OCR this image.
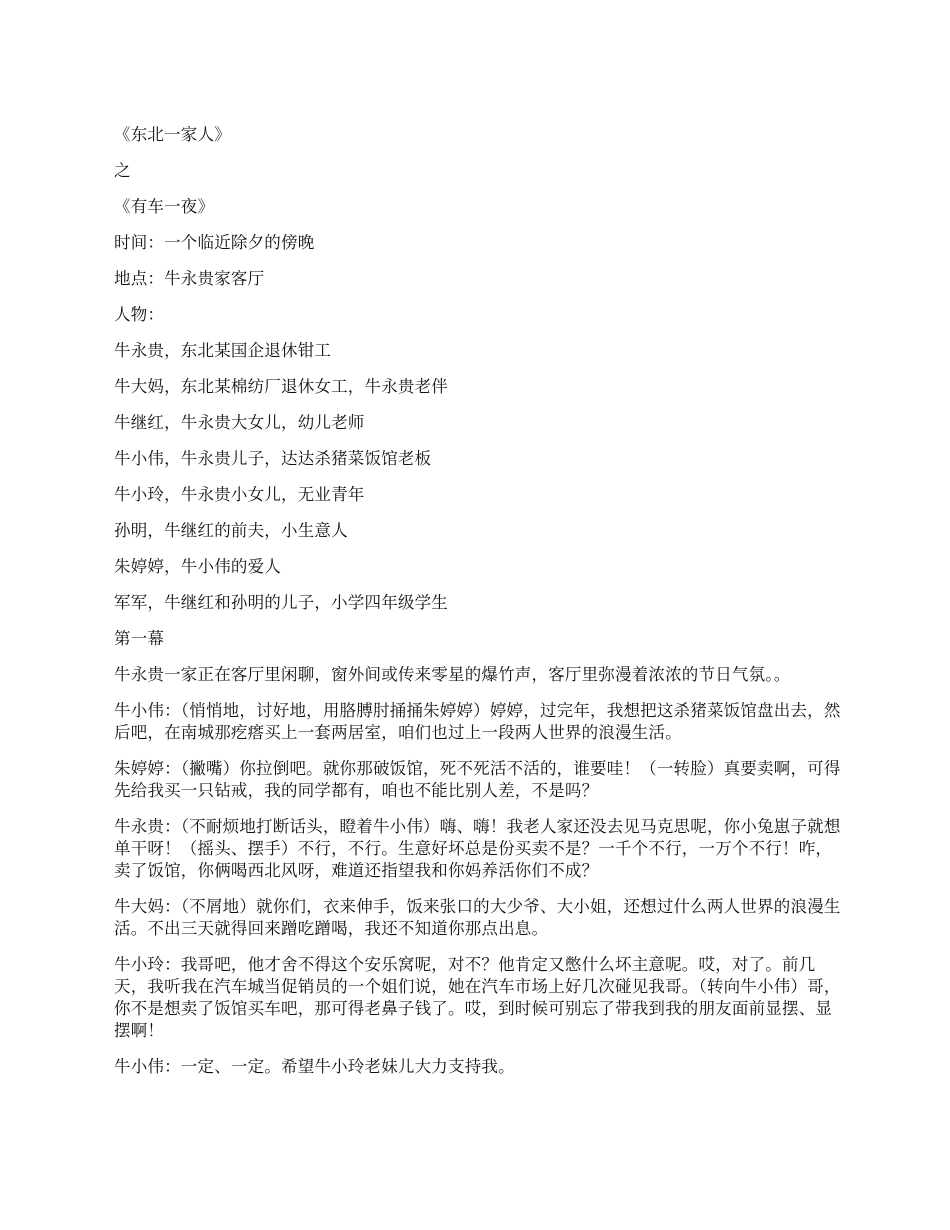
《东北一家人》

之

《有车一夜》

时间：一个临近除夕的傍晚

地点：牛永贵家客厅

人物：

牛永贵，东北某国企退休钳工

牛大妈，东北某棉纺厂退休女工，牛永贵老伴

牛继红，牛永贵大女儿，幼儿老师

牛小伟，牛永贵儿子，达达杀猪菜饭馆老板

牛小玲，牛永贵小女儿，无业青年

孙明，牛继红的前夫，小生意人

朱婷婷，牛小伟的爱人

军军，牛继红和孙明的儿子，小学四年级学生

第一幕

牛永贵一家正在客厅里闲聊，窗外间或传来零星的爆竹声，客厅里弥漫着浓浓的节日气氛。。

牛小伟：（悄悄地，讨好地，用胳膊肘捅捅朱婷婷）婷婷，过完年，我想把这杀猪菜饭馆盘出去，然后吧，在南城那疙瘩买上一套两居室，咱们也过上一段两人世界的浪漫生活。

朱婷婷：（撇嘴）你拉倒吧。就你那破饭馆，死不死活不活的，谁要哇！（一转脸）真要卖啊，可得先给我买一只钻戒，我的同学都有，咱也不能比别人差，不是吗？

牛永贵：（不耐烦地打断话头，瞪着牛小伟）嗨、嗨！我老人家还没去见马克思呢，你小兔崽子就想单干呀！（摇头、摆手）不行，不行。生意好坏总是份买卖不是？一千个不行，一万个不行！咋，卖了饭馆，你俩喝西北风呀，难道还指望我和你妈养活你们不成？

牛大妈：（不屑地）就你们，衣来伸手，饭来张口的大少爷、大小姐，还想过什么两人世界的浪漫生活。不出三天就得回来蹭吃蹭喝，我还不知道你那点出息。

牛小玲：我哥吧，他才舍不得这个安乐窝呢，对不？他肯定又憋什么坏主意呢。哎，对了。前几天，我听我在汽车城当促销员的一个姐们说，她在汽车市场上好几次碰见我哥。（转向牛小伟）哥，你不是想卖了饭馆买车吧，那可得老鼻子钱了。哎，到时候可别忘了带我到我的朋友面前显摆、显摆啊！

牛小伟：一定、一定。希望牛小玲老妹儿大力支持我。
